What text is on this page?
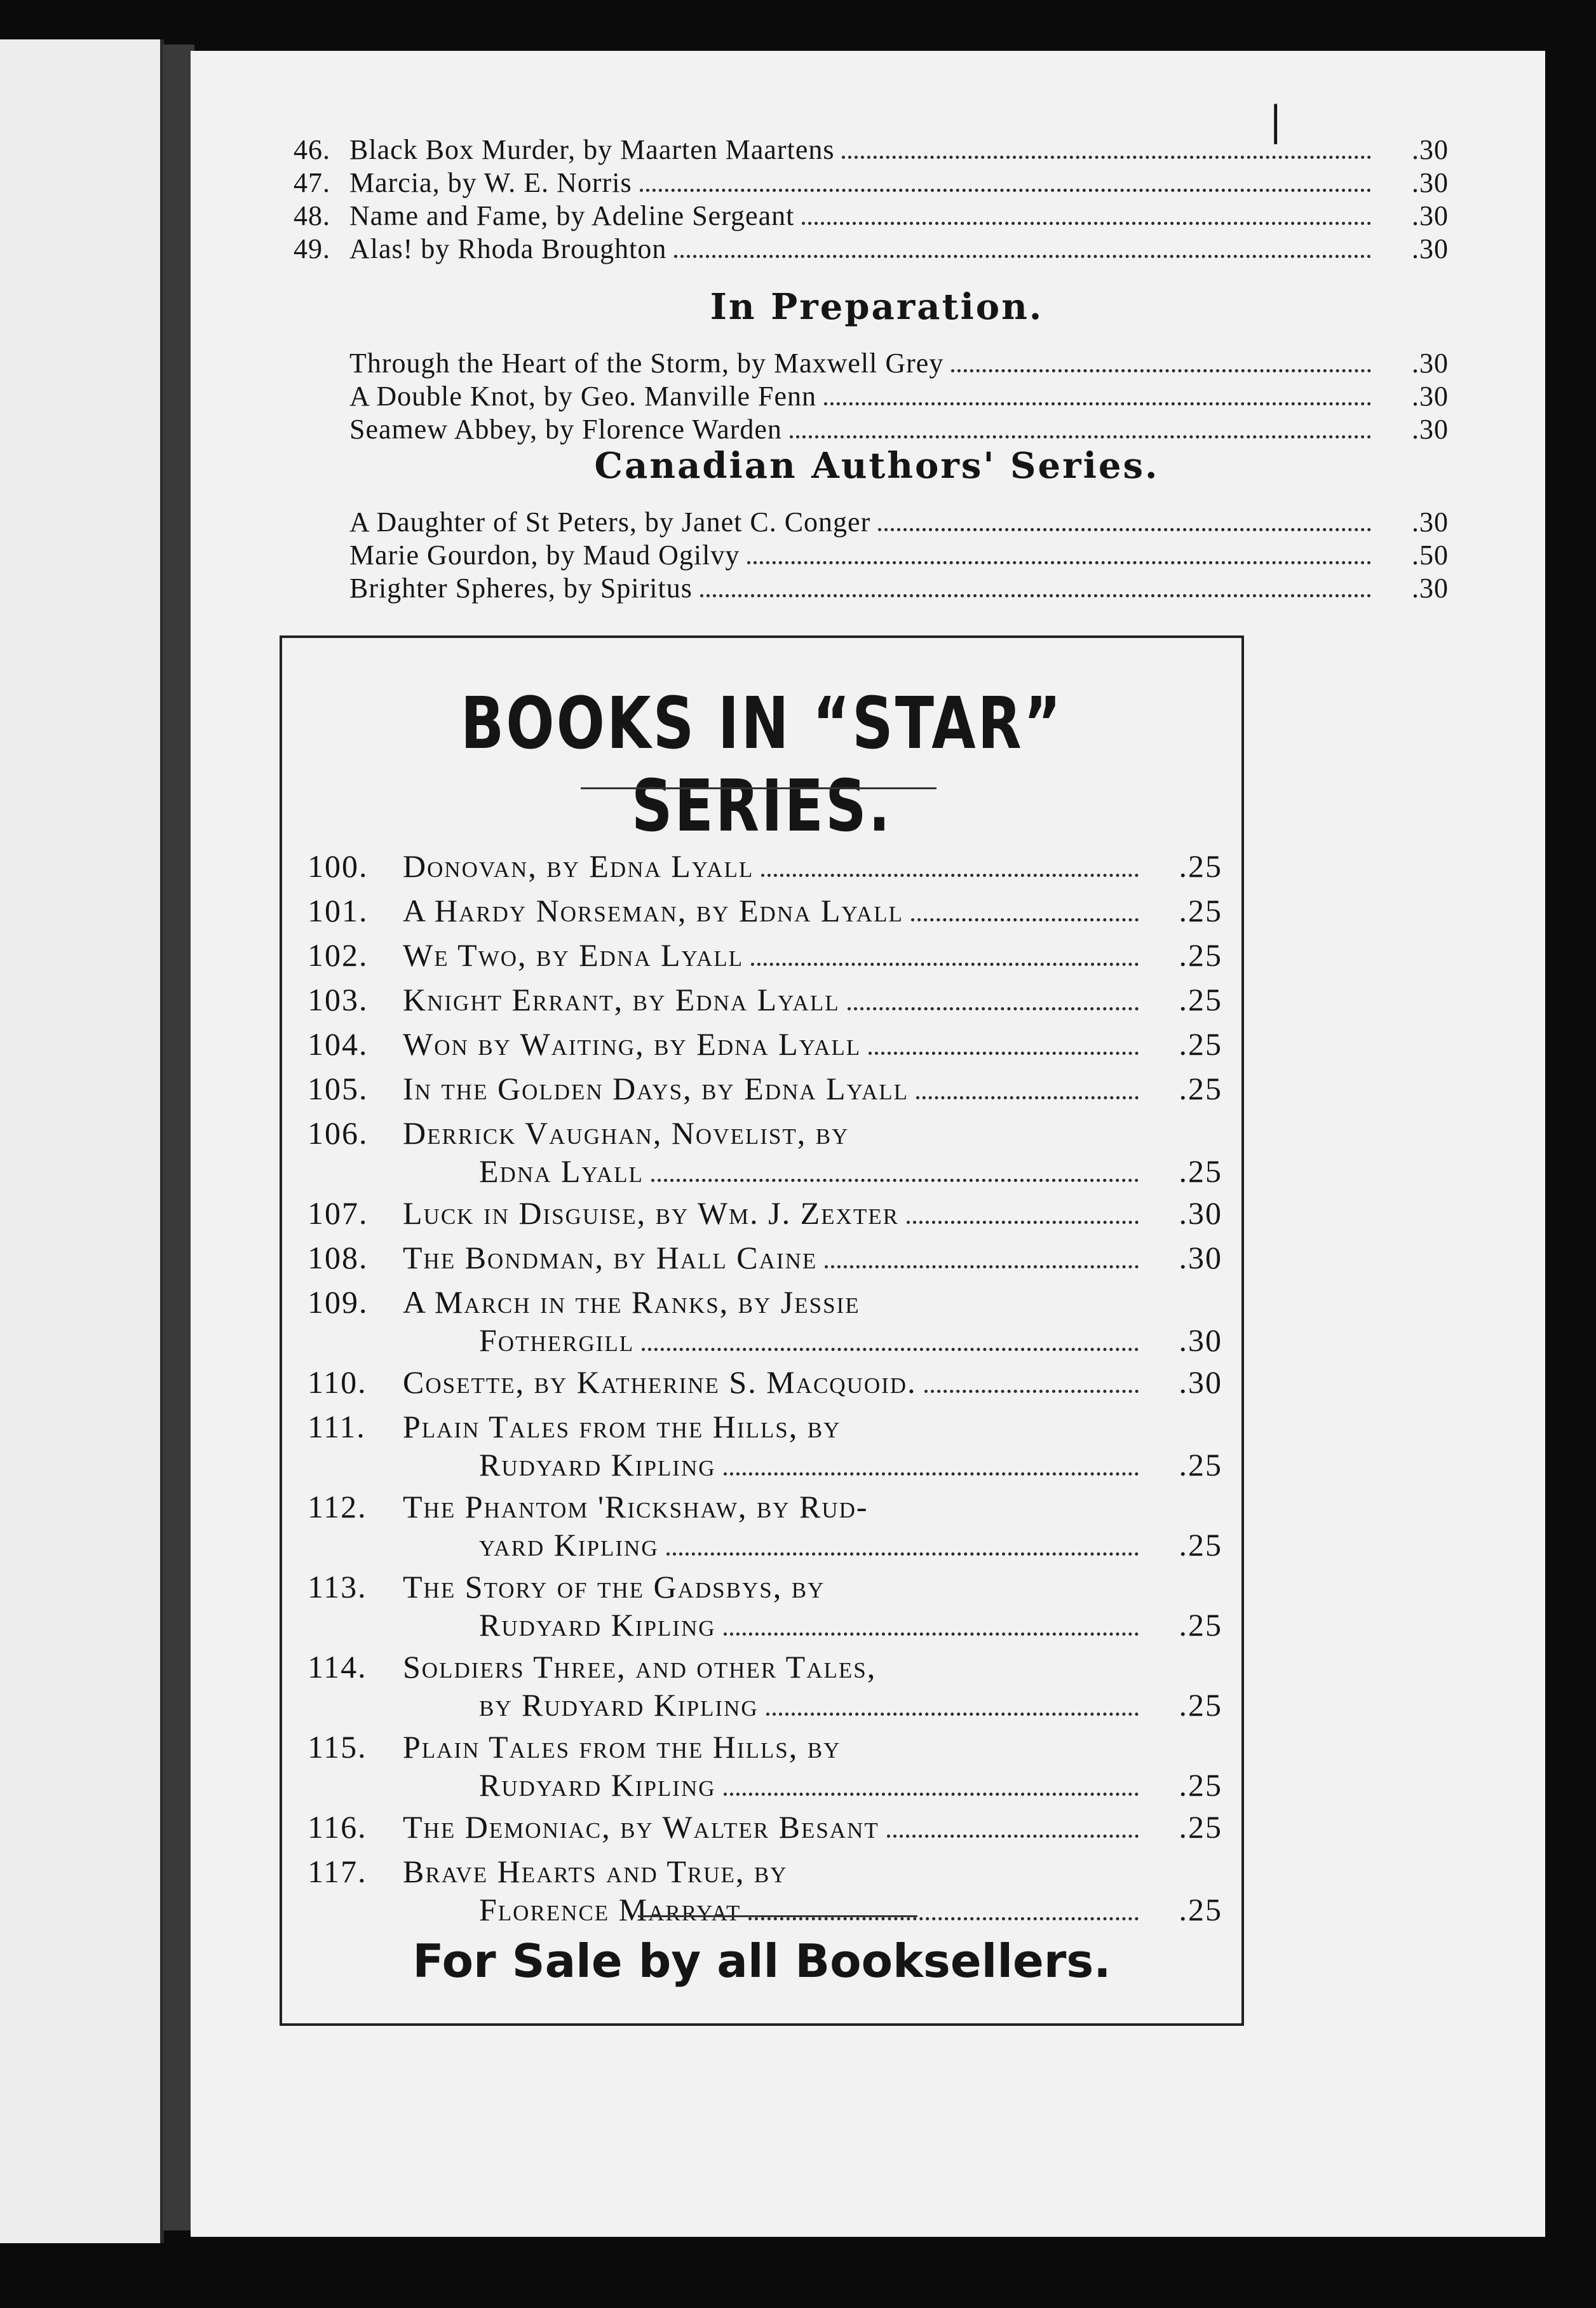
|
46. Black Box Murder, by Maarten Maartens	.30
47. Marcia, by W. E. Norris	.30
48. Name and Fame, by Adeline Sergeant	.30
49. Alas! by Rhoda Broughton	.30
In Preparation.
Through the Heart of the Storm, by Maxwell Grey	.30
A Double Knot, by Geo. Manville Fenn	.30
Seamew Abbey, by Florence Warden	.30
Canadian Authors' Series.
A Daughter of St Peters, by Janet C. Conger	.30
Marie Gourdon, by Maud Ogilvy	.50
Brighter Spheres, by Spiritus	.30
BOOKS IN “STAR” SERIES.
100.	Donovan, by Edna Lyall	.25
101.	A Hardy Norseman, by Edna Lyall	.25
102.	We Two, by Edna Lyall	.25
103.	Knight Errant, by Edna Lyall	.25
104.	Won by Waiting, by Edna Lyall	.25
105.	In the Golden Days, by Edna Lyall	.25
106.	Derrick Vaughan, Novelist, by
Edna Lyall	.25
107.	Luck in Disguise, by Wm. J. Zexter	.30
108.	The Bondman, by Hall Caine	.30
109.	A March in the Ranks, by Jessie
Fothergill	.30
110.	Cosette, by Katherine S. Macquoid.	.30
111.	Plain Tales from the Hills, by
Rudyard Kipling	.25
112.	The Phantom 'Rickshaw, by Rud-
yard Kipling	.25
113.	The Story of the Gadsbys, by
Rudyard Kipling	.25
114.	Soldiers Three, and other Tales,
by Rudyard Kipling	.25
115.	Plain Tales from the Hills, by
Rudyard Kipling	.25
116.	The Demoniac, by Walter Besant	.25
117.	Brave Hearts and True, by
Florence Marryat	.25
For Sale by all Booksellers.
